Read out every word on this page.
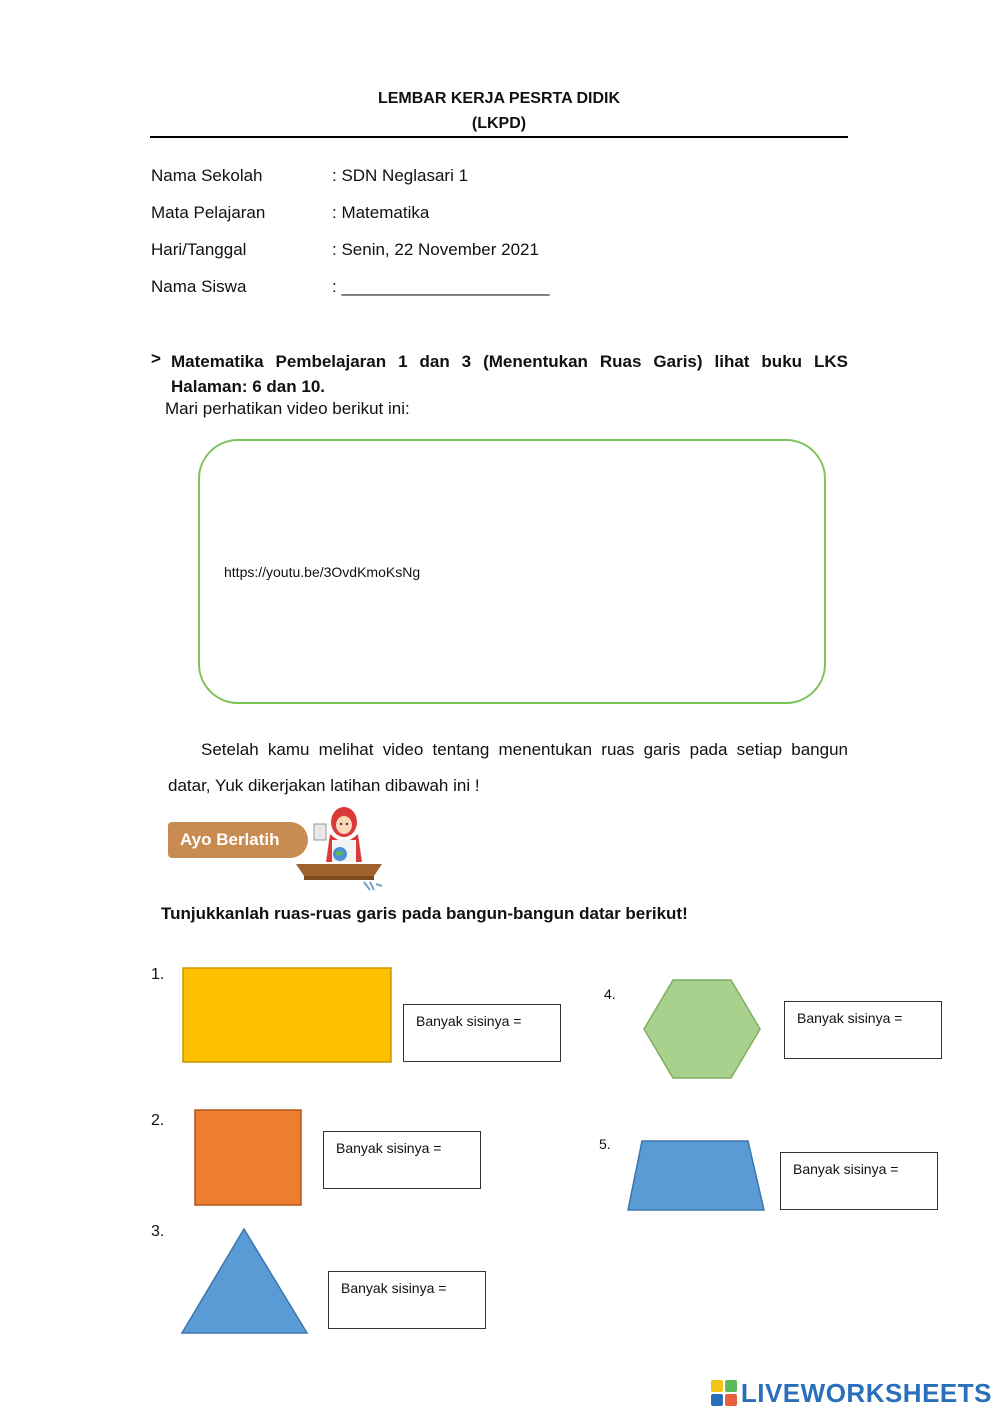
LEMBAR KERJA PESRTA DIDIK
(LKPD)
Nama Sekolah	: SDN Neglasari 1
Mata Pelajaran	: Matematika
Hari/Tanggal	: Senin, 22 November 2021
Nama Siswa	: ______________________
> Matematika Pembelajaran 1 dan 3 (Menentukan Ruas Garis) lihat buku LKS Halaman: 6 dan 10.
Mari perhatikan video berikut ini:
https://youtu.be/3OvdKmoKsNg
Setelah kamu melihat video tentang menentukan ruas garis pada setiap bangun datar, Yuk dikerjakan latihan dibawah ini !
Ayo Berlatih
Tunjukkanlah ruas-ruas garis pada bangun-bangun datar berikut!
1.
Banyak sisinya =
2.
Banyak sisinya =
3.
Banyak sisinya =
4.
Banyak sisinya =
5.
Banyak sisinya =
LIVEWORKSHEETS
